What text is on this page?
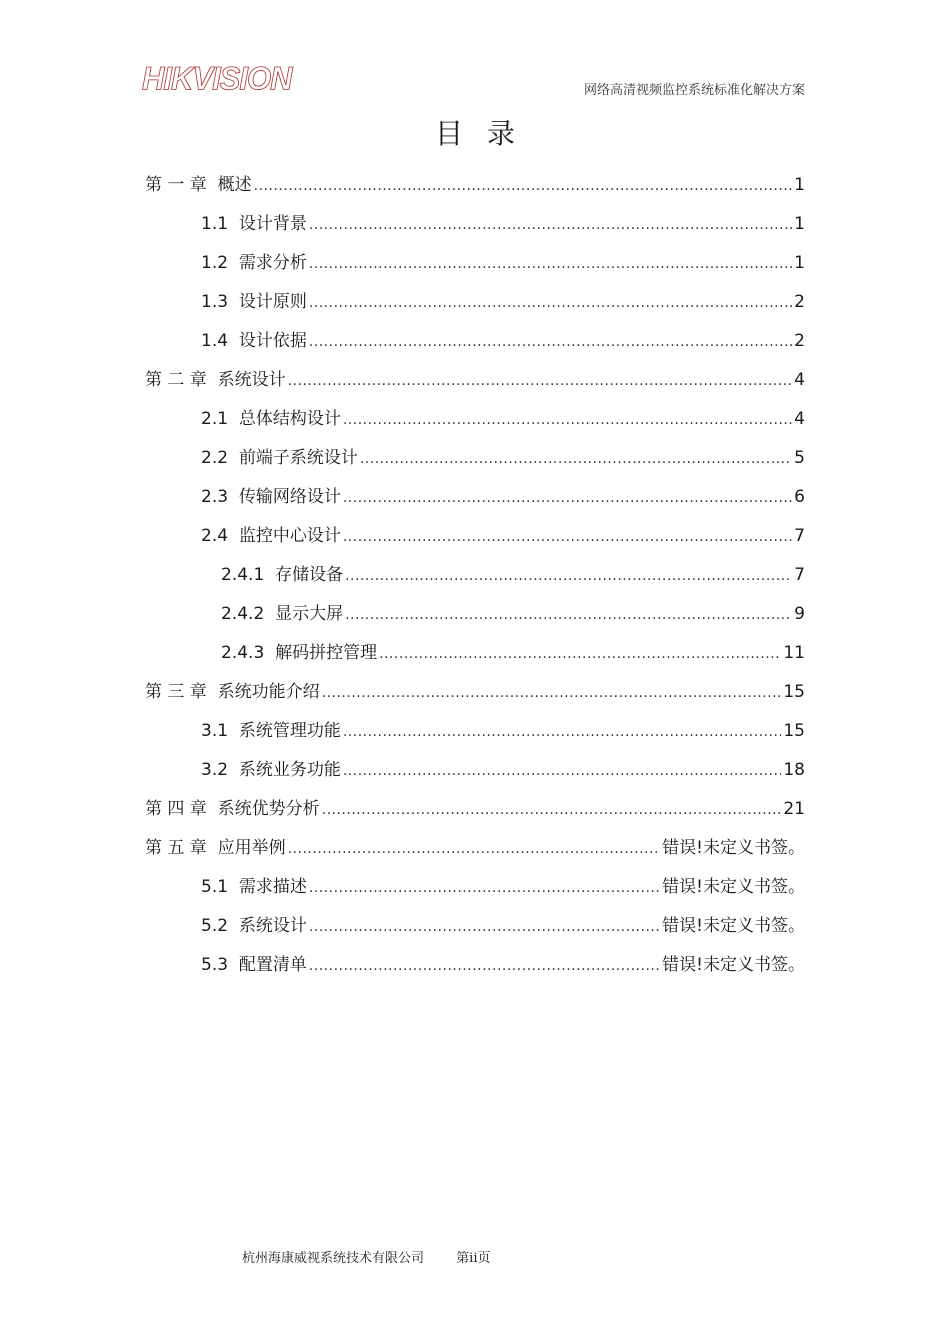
HIKVISION	网络高清视频监控系统标准化解决方案
目录
第 一 章  概述 .....	1
1.1  设计背景 .....	1
1.2  需求分析 .....	1
1.3  设计原则 .....	2
1.4  设计依据 .....	2
第 二 章  系统设计 .....	4
2.1  总体结构设计 .....	4
2.2  前端子系统设计 .....	5
2.3  传输网络设计 .....	6
2.4  监控中心设计 .....	7
2.4.1  存储设备 .....	7
2.4.2  显示大屏 .....	9
2.4.3  解码拼控管理 .....	11
第 三 章  系统功能介绍 .....	15
3.1  系统管理功能 .....	15
3.2  系统业务功能 .....	18
第 四 章  系统优势分析 .....	21
第 五 章  应用举例 .....	错误!未定义书签。
5.1  需求描述 .....	错误!未定义书签。
5.2  系统设计 .....	错误!未定义书签。
5.3  配置清单 .....	错误!未定义书签。
杭州海康威视系统技术有限公司 第ii页
